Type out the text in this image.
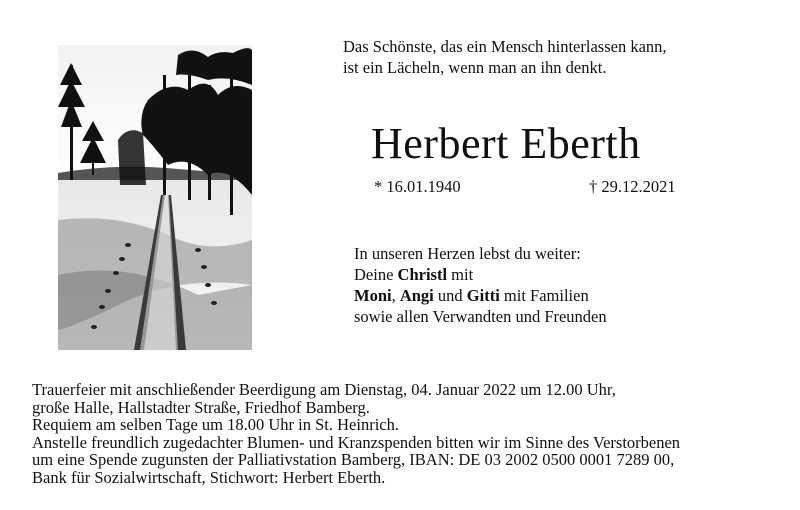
Das Schönste, das ein Mensch hinterlassen kann,
ist ein Lächeln, wenn man an ihn denkt.
Herbert Eberth
* 16.01.1940	† 29.12.2021
In unseren Herzen lebst du weiter:
Deine Christl mit
Moni, Angi und Gitti mit Familien
sowie allen Verwandten und Freunden
Trauerfeier mit anschließender Beerdigung am Dienstag, 04. Januar 2022 um 12.00 Uhr,
große Halle, Hallstadter Straße, Friedhof Bamberg.
Requiem am selben Tage um 18.00 Uhr in St. Heinrich.
Anstelle freundlich zugedachter Blumen- und Kranzspenden bitten wir im Sinne des Verstorbenen
um eine Spende zugunsten der Palliativstation Bamberg, IBAN: DE 03 2002 0500 0001 7289 00,
Bank für Sozialwirtschaft, Stichwort: Herbert Eberth.
